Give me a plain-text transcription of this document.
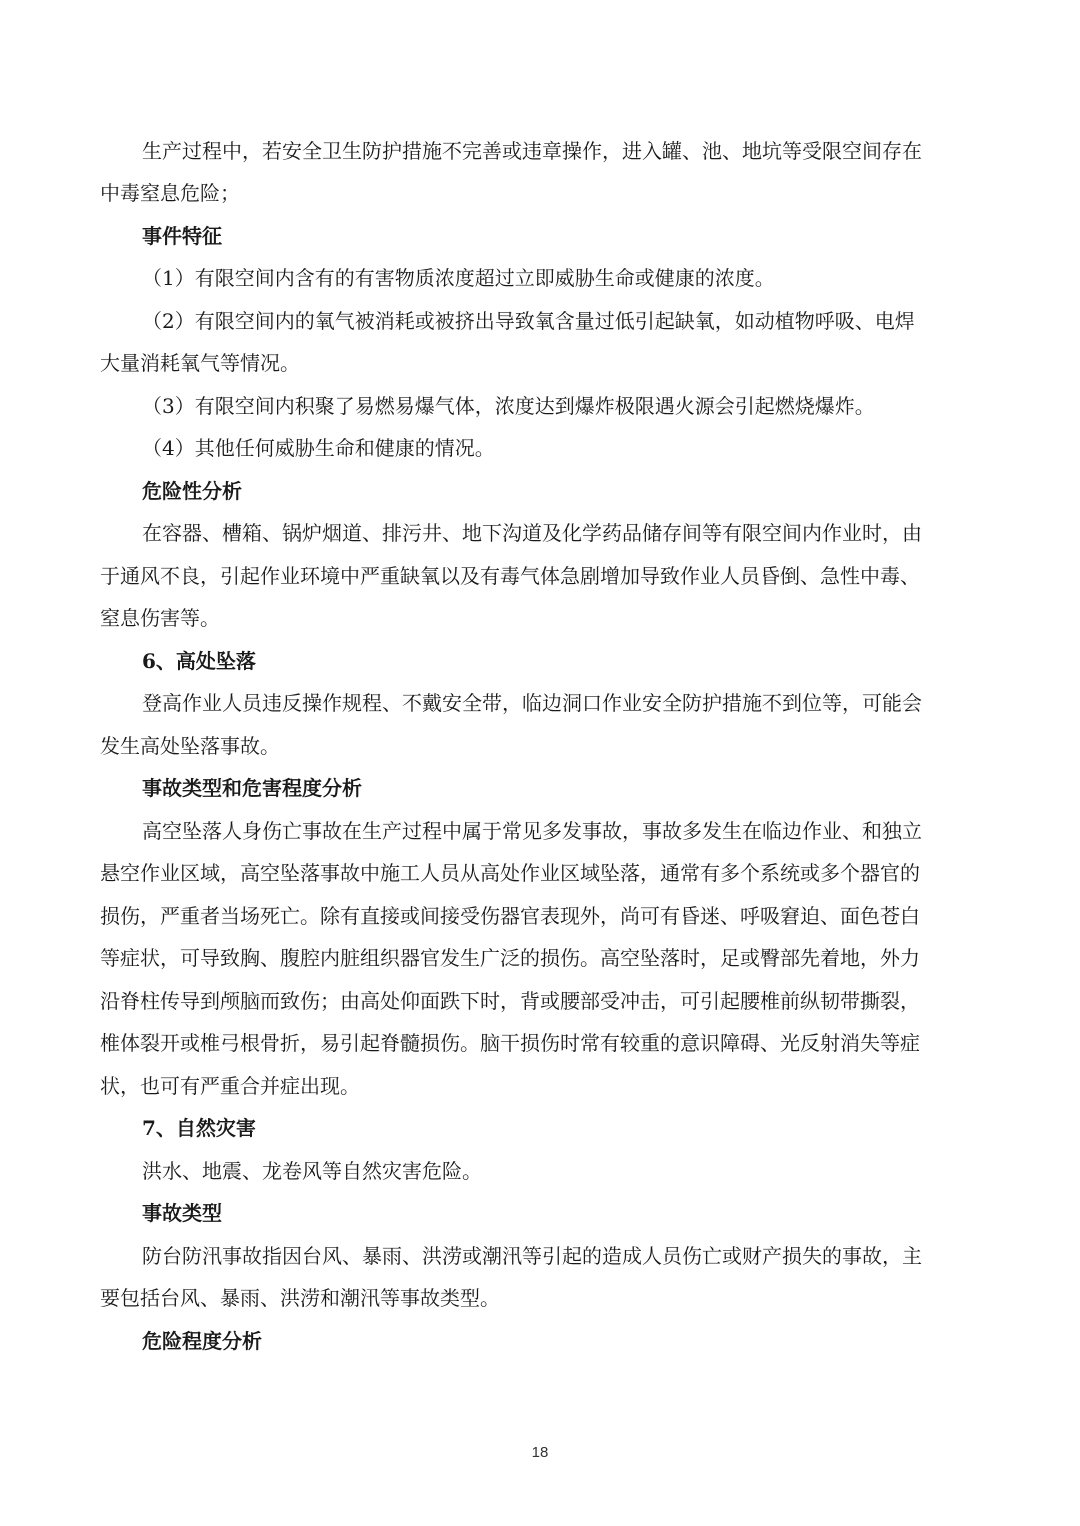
生产过程中，若安全卫生防护措施不完善或违章操作，进入罐、池、地坑等受限空间存在
中毒窒息危险；
事件特征
（1）有限空间内含有的有害物质浓度超过立即威胁生命或健康的浓度。
（2）有限空间内的氧气被消耗或被挤出导致氧含量过低引起缺氧，如动植物呼吸、电焊
大量消耗氧气等情况。
（3）有限空间内积聚了易燃易爆气体，浓度达到爆炸极限遇火源会引起燃烧爆炸。
（4）其他任何威胁生命和健康的情况。
危险性分析
在容器、槽箱、锅炉烟道、排污井、地下沟道及化学药品储存间等有限空间内作业时，由
于通风不良，引起作业环境中严重缺氧以及有毒气体急剧增加导致作业人员昏倒、急性中毒、
窒息伤害等。
6、高处坠落
登高作业人员违反操作规程、不戴安全带，临边洞口作业安全防护措施不到位等，可能会
发生高处坠落事故。
事故类型和危害程度分析
高空坠落人身伤亡事故在生产过程中属于常见多发事故，事故多发生在临边作业、和独立
悬空作业区域，高空坠落事故中施工人员从高处作业区域坠落，通常有多个系统或多个器官的
损伤，严重者当场死亡。除有直接或间接受伤器官表现外，尚可有昏迷、呼吸窘迫、面色苍白
等症状，可导致胸、腹腔内脏组织器官发生广泛的损伤。高空坠落时，足或臀部先着地，外力
沿脊柱传导到颅脑而致伤；由高处仰面跌下时，背或腰部受冲击，可引起腰椎前纵韧带撕裂，
椎体裂开或椎弓根骨折，易引起脊髓损伤。脑干损伤时常有较重的意识障碍、光反射消失等症
状，也可有严重合并症出现。
7、自然灾害
洪水、地震、龙卷风等自然灾害危险。
事故类型
防台防汛事故指因台风、暴雨、洪涝或潮汛等引起的造成人员伤亡或财产损失的事故，主
要包括台风、暴雨、洪涝和潮汛等事故类型。
危险程度分析
18
